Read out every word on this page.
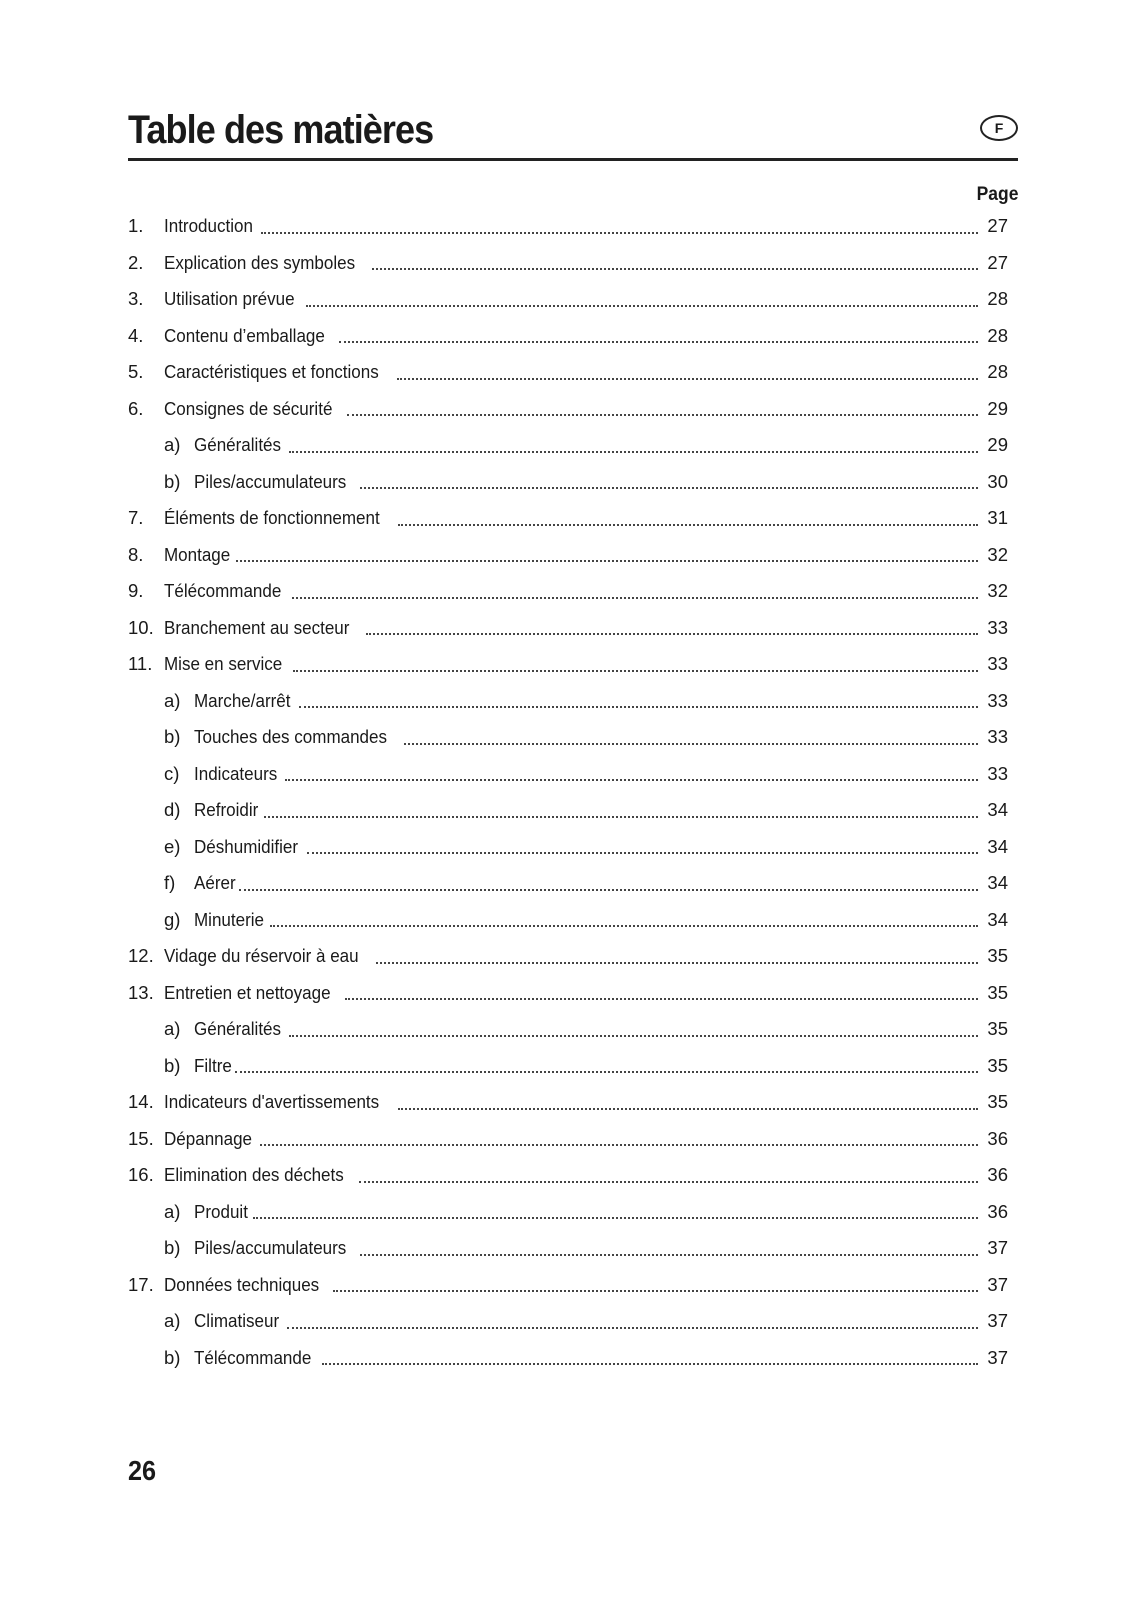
Table des matières	F
Page
1.	Introduction	27
2.	Explication des symboles	27
3.	Utilisation prévue	28
4.	Contenu d’emballage	28
5.	Caractéristiques et fonctions	28
6.	Consignes de sécurité	29
a) Généralités	29
b) Piles/accumulateurs	30
7.	Éléments de fonctionnement	31
8.	Montage	32
9.	Télécommande	32
10. Branchement au secteur	33
11. Mise en service	33
a) Marche/arrêt	33
b) Touches des commandes	33
c) Indicateurs	33
d) Refroidir	34
e) Déshumidifier	34
f)	Aérer	34
g) Minuterie	34
12. Vidage du réservoir à eau	35
13. Entretien et nettoyage	35
a) Généralités	35
b) Filtre	35
14. Indicateurs d'avertissements	35
15. Dépannage	36
16. Elimination des déchets	36
a) Produit	36
b) Piles/accumulateurs	37
17. Données techniques	37
a) Climatiseur	37
b) Télécommande	37
26
